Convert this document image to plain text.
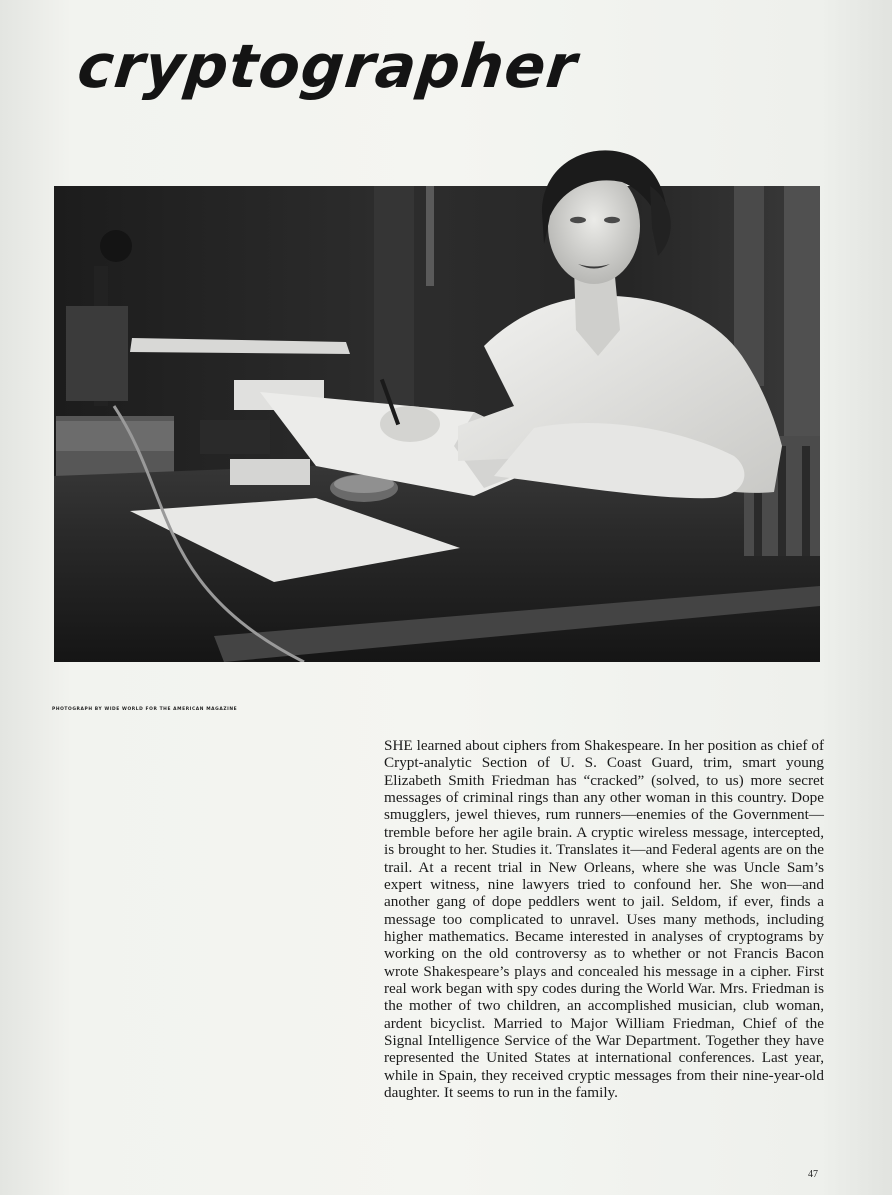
cryptographer
PHOTOGRAPH BY WIDE WORLD FOR THE AMERICAN MAGAZINE
SHE learned about ciphers from Shakespeare. In her position as chief of Crypt-analytic Section of U. S. Coast Guard, trim, smart young Elizabeth Smith Friedman has “cracked” (solved, to us) more secret messages of criminal rings than any other woman in this country. Dope smugglers, jewel thieves, rum runners—enemies of the Government—tremble before her agile brain. A cryptic wireless message, intercepted, is brought to her. Studies it. Translates it—and Federal agents are on the trail. At a recent trial in New Orleans, where she was Uncle Sam’s expert witness, nine lawyers tried to confound her. She won—and another gang of dope peddlers went to jail. Seldom, if ever, finds a message too complicated to unravel. Uses many methods, including higher mathematics. Became interested in analyses of cryptograms by working on the old controversy as to whether or not Francis Bacon wrote Shakespeare’s plays and concealed his message in a cipher. First real work began with spy codes during the World War. Mrs. Friedman is the mother of two children, an accomplished musician, club woman, ardent bicyclist. Married to Major William Friedman, Chief of the Signal Intelligence Service of the War Department. Together they have represented the United States at international conferences. Last year, while in Spain, they received cryptic messages from their nine-year-old daughter. It seems to run in the family.
47
